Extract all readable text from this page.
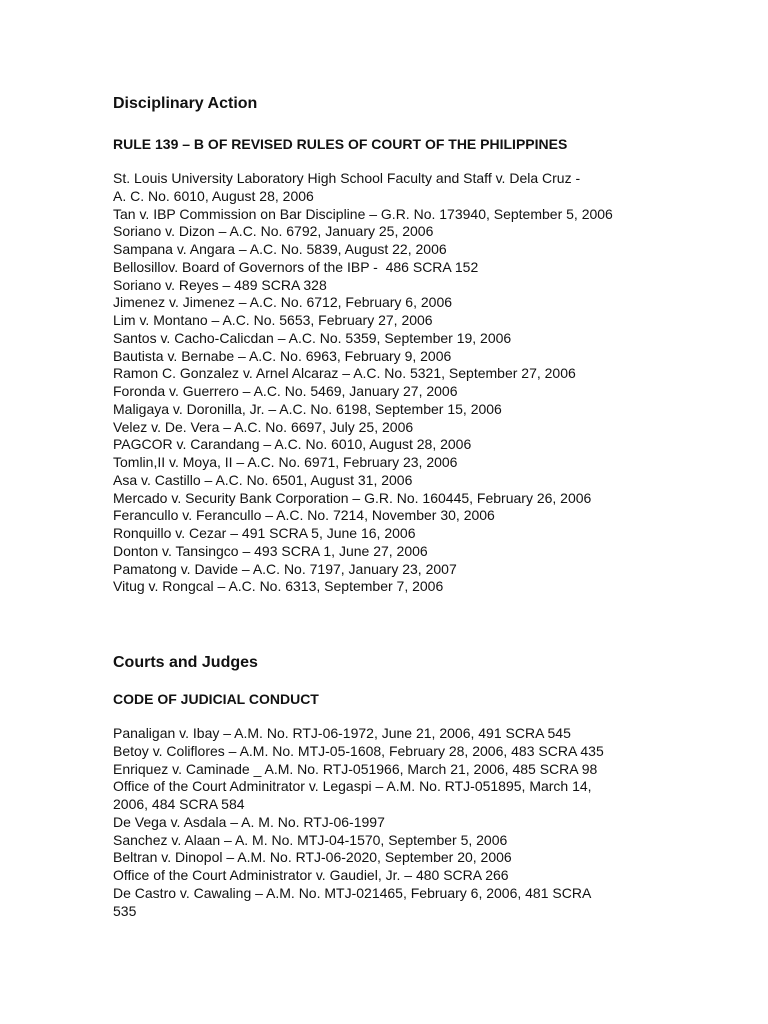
Disciplinary Action
RULE 139 – B OF REVISED RULES OF COURT OF THE PHILIPPINES
St. Louis University Laboratory High School Faculty and Staff v. Dela Cruz -
A. C. No. 6010, August 28, 2006
Tan v. IBP Commission on Bar Discipline – G.R. No. 173940, September 5, 2006
Soriano v. Dizon – A.C. No. 6792, January 25, 2006
Sampana v. Angara – A.C. No. 5839, August 22, 2006
Bellosillov. Board of Governors of the IBP -  486 SCRA 152
Soriano v. Reyes – 489 SCRA 328
Jimenez v. Jimenez – A.C. No. 6712, February 6, 2006
Lim v. Montano – A.C. No. 5653, February 27, 2006
Santos v. Cacho-Calicdan – A.C. No. 5359, September 19, 2006
Bautista v. Bernabe – A.C. No. 6963, February 9, 2006
Ramon C. Gonzalez v. Arnel Alcaraz – A.C. No. 5321, September 27, 2006
Foronda v. Guerrero – A.C. No. 5469, January 27, 2006
Maligaya v. Doronilla, Jr. – A.C. No. 6198, September 15, 2006
Velez v. De. Vera – A.C. No. 6697, July 25, 2006
PAGCOR v. Carandang – A.C. No. 6010, August 28, 2006
Tomlin,II v. Moya, II – A.C. No. 6971, February 23, 2006
Asa v. Castillo – A.C. No. 6501, August 31, 2006
Mercado v. Security Bank Corporation – G.R. No. 160445, February 26, 2006
Ferancullo v. Ferancullo – A.C. No. 7214, November 30, 2006
Ronquillo v. Cezar – 491 SCRA 5, June 16, 2006
Donton v. Tansingco – 493 SCRA 1, June 27, 2006
Pamatong v. Davide – A.C. No. 7197, January 23, 2007
Vitug v. Rongcal – A.C. No. 6313, September 7, 2006
Courts and Judges
CODE OF JUDICIAL CONDUCT
Panaligan v. Ibay – A.M. No. RTJ-06-1972, June 21, 2006, 491 SCRA 545
Betoy v. Coliflores – A.M. No. MTJ-05-1608, February 28, 2006, 483 SCRA 435
Enriquez v. Caminade _ A.M. No. RTJ-051966, March 21, 2006, 485 SCRA 98
Office of the Court Adminitrator v. Legaspi – A.M. No. RTJ-051895, March 14,
2006, 484 SCRA 584
De Vega v. Asdala – A. M. No. RTJ-06-1997
Sanchez v. Alaan – A. M. No. MTJ-04-1570, September 5, 2006
Beltran v. Dinopol – A.M. No. RTJ-06-2020, September 20, 2006
Office of the Court Administrator v. Gaudiel, Jr. – 480 SCRA 266
De Castro v. Cawaling – A.M. No. MTJ-021465, February 6, 2006, 481 SCRA
535
